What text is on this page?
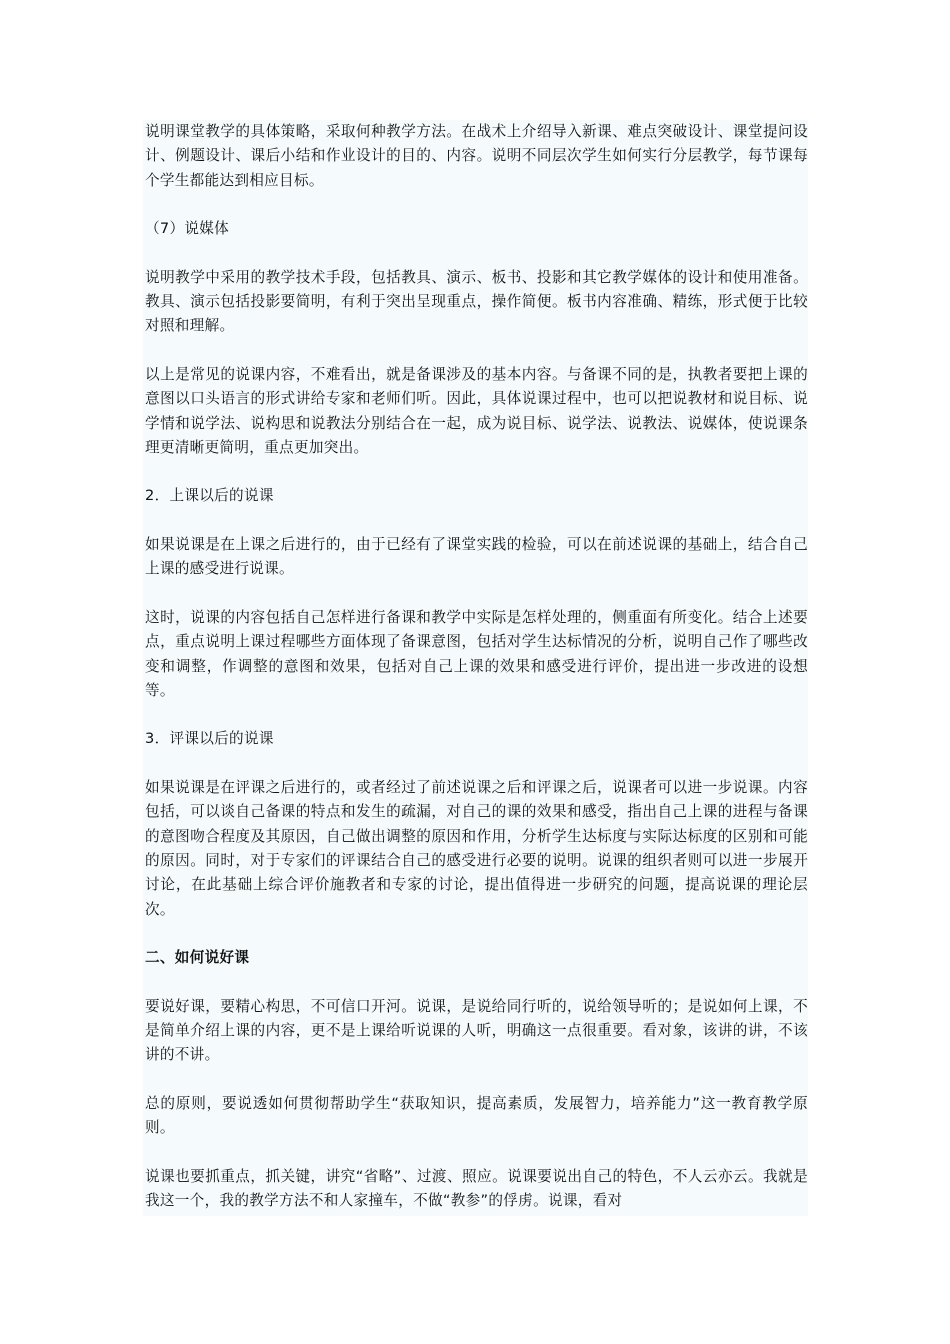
说明课堂教学的具体策略，采取何种教学方法。在战术上介绍导入新课、难点突破设计、课堂提问设计、例题设计、课后小结和作业设计的目的、内容。说明不同层次学生如何实行分层教学，每节课每个学生都能达到相应目标。

（7）说媒体

说明教学中采用的教学技术手段，包括教具、演示、板书、投影和其它教学媒体的设计和使用准备。教具、演示包括投影要简明，有利于突出呈现重点，操作简便。板书内容准确、精练，形式便于比较对照和理解。

以上是常见的说课内容，不难看出，就是备课涉及的基本内容。与备课不同的是，执教者要把上课的意图以口头语言的形式讲给专家和老师们听。因此，具体说课过程中，也可以把说教材和说目标、说学情和说学法、说构思和说教法分别结合在一起，成为说目标、说学法、说教法、说媒体，使说课条理更清晰更简明，重点更加突出。

2．上课以后的说课

如果说课是在上课之后进行的，由于已经有了课堂实践的检验，可以在前述说课的基础上，结合自己上课的感受进行说课。

这时，说课的内容包括自己怎样进行备课和教学中实际是怎样处理的，侧重面有所变化。结合上述要点，重点说明上课过程哪些方面体现了备课意图，包括对学生达标情况的分析，说明自己作了哪些改变和调整，作调整的意图和效果，包括对自己上课的效果和感受进行评价，提出进一步改进的设想等。

3．评课以后的说课

如果说课是在评课之后进行的，或者经过了前述说课之后和评课之后，说课者可以进一步说课。内容包括，可以谈自己备课的特点和发生的疏漏，对自己的课的效果和感受，指出自己上课的进程与备课的意图吻合程度及其原因，自己做出调整的原因和作用，分析学生达标度与实际达标度的区别和可能的原因。同时，对于专家们的评课结合自己的感受进行必要的说明。说课的组织者则可以进一步展开讨论，在此基础上综合评价施教者和专家的讨论，提出值得进一步研究的问题，提高说课的理论层次。

二、如何说好课

要说好课，要精心构思，不可信口开河。说课，是说给同行听的，说给领导听的；是说如何上课，不是简单介绍上课的内容，更不是上课给听说课的人听，明确这一点很重要。看对象，该讲的讲，不该讲的不讲。

总的原则，要说透如何贯彻帮助学生“获取知识，提高素质，发展智力，培养能力”这一教育教学原则。

说课也要抓重点，抓关键，讲究“省略”、过渡、照应。说课要说出自己的特色，不人云亦云。我就是我这一个，我的教学方法不和人家撞车，不做“教参”的俘虏。说课，看对
